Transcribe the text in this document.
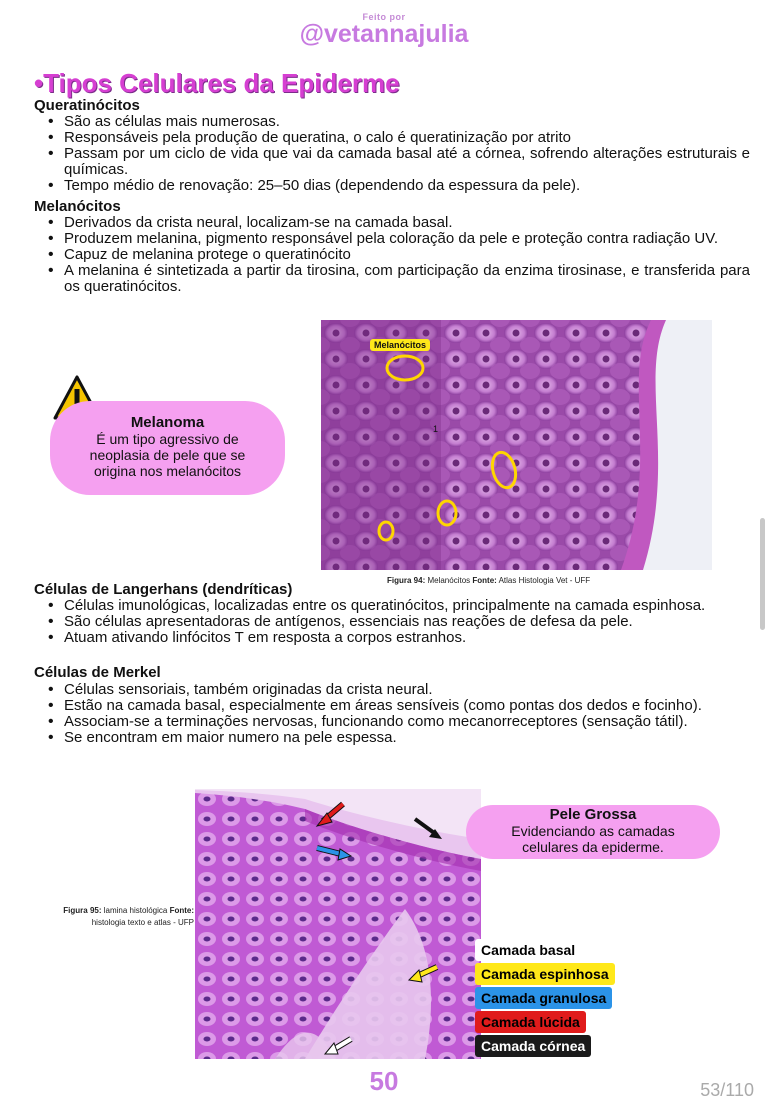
Feito por
@vetannajulia
•Tipos Celulares da Epiderme
Queratinócitos
• São as células mais numerosas.
• Responsáveis pela produção de queratina, o calo é queratinização por atrito
• Passam por um ciclo de vida que vai da camada basal até a córnea, sofrendo alterações estruturais e químicas.
• Tempo médio de renovação: 25–50 dias (dependendo da espessura da pele).
Melanócitos
• Derivados da crista neural, localizam-se na camada basal.
• Produzem melanina, pigmento responsável pela coloração da pele e proteção contra radiação UV.
• Capuz de melanina protege o queratinócito
• A melanina é sintetizada a partir da tirosina, com participação da enzima tirosinase, e transferida para os queratinócitos.
Melanoma
É um tipo agressivo de neoplasia de pele que se origina nos melanócitos
Melanócitos
1
Figura 94: Melanócitos Fonte: Atlas Histologia Vet - UFF
Células de Langerhans (dendríticas)
• Células imunológicas, localizadas entre os queratinócitos, principalmente na camada espinhosa.
• São células apresentadoras de antígenos, essenciais nas reações de defesa da pele.
• Atuam ativando linfócitos T em resposta a corpos estranhos.
Células de Merkel
• Células sensoriais, também originadas da crista neural.
• Estão na camada basal, especialmente em áreas sensíveis (como pontas dos dedos e focinho).
• Associam-se a terminações nervosas, funcionando como mecanorreceptores (sensação tátil).
• Se encontram em maior numero na pele espessa.
Figura 95: lamina histológica Fonte: histologia texto e atlas - UFP
Pele Grossa
Evidenciando as camadas celulares da epiderme.
Camada basal
Camada espinhosa
Camada granulosa
Camada lúcida
Camada córnea
50	53/110
